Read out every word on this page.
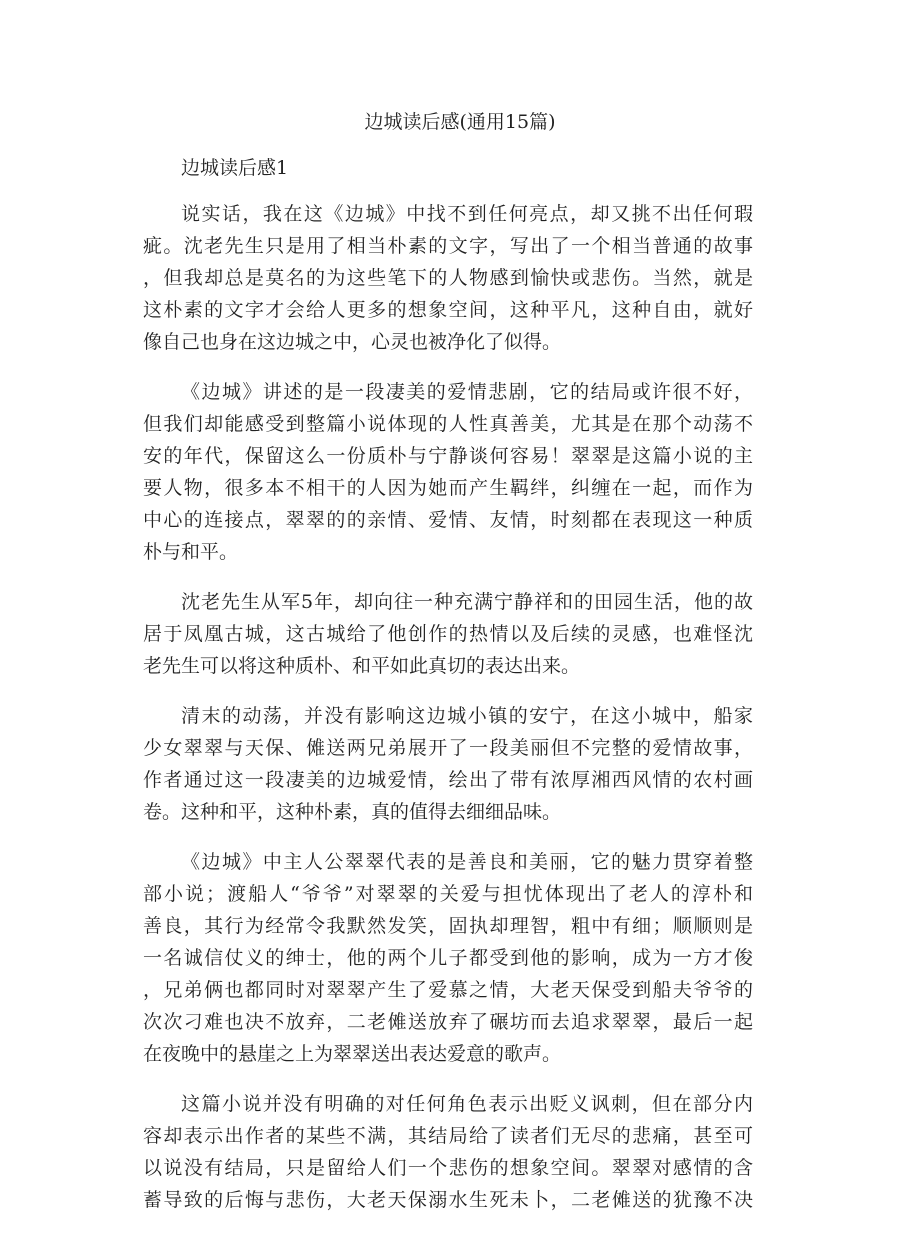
边城读后感(通用15篇)
边城读后感1
说实话，我在这《边城》中找不到任何亮点，却又挑不出任何瑕
疵。沈老先生只是用了相当朴素的文字，写出了一个相当普通的故事
，但我却总是莫名的为这些笔下的人物感到愉快或悲伤。当然，就是
这朴素的文字才会给人更多的想象空间，这种平凡，这种自由，就好
像自己也身在这边城之中，心灵也被净化了似得。
《边城》讲述的是一段凄美的爱情悲剧，它的结局或许很不好，
但我们却能感受到整篇小说体现的人性真善美，尤其是在那个动荡不
安的年代，保留这么一份质朴与宁静谈何容易！翠翠是这篇小说的主
要人物，很多本不相干的人因为她而产生羁绊，纠缠在一起，而作为
中心的连接点，翠翠的的亲情、爱情、友情，时刻都在表现这一种质
朴与和平。
沈老先生从军5年，却向往一种充满宁静祥和的田园生活，他的故
居于凤凰古城，这古城给了他创作的热情以及后续的灵感，也难怪沈
老先生可以将这种质朴、和平如此真切的表达出来。
清末的动荡，并没有影响这边城小镇的安宁，在这小城中，船家
少女翠翠与天保、傩送两兄弟展开了一段美丽但不完整的爱情故事，
作者通过这一段凄美的边城爱情，绘出了带有浓厚湘西风情的农村画
卷。这种和平，这种朴素，真的值得去细细品味。
《边城》中主人公翠翠代表的是善良和美丽，它的魅力贯穿着整
部小说；渡船人“爷爷”对翠翠的关爱与担忧体现出了老人的淳朴和
善良，其行为经常令我默然发笑，固执却理智，粗中有细；顺顺则是
一名诚信仗义的绅士，他的两个儿子都受到他的影响，成为一方才俊
，兄弟俩也都同时对翠翠产生了爱慕之情，大老天保受到船夫爷爷的
次次刁难也决不放弃，二老傩送放弃了碾坊而去追求翠翠，最后一起
在夜晚中的悬崖之上为翠翠送出表达爱意的歌声。
这篇小说并没有明确的对任何角色表示出贬义讽刺，但在部分内
容却表示出作者的某些不满，其结局给了读者们无尽的悲痛，甚至可
以说没有结局，只是留给人们一个悲伤的想象空间。翠翠对感情的含
蓄导致的后悔与悲伤，大老天保溺水生死未卜，二老傩送的犹豫不决
